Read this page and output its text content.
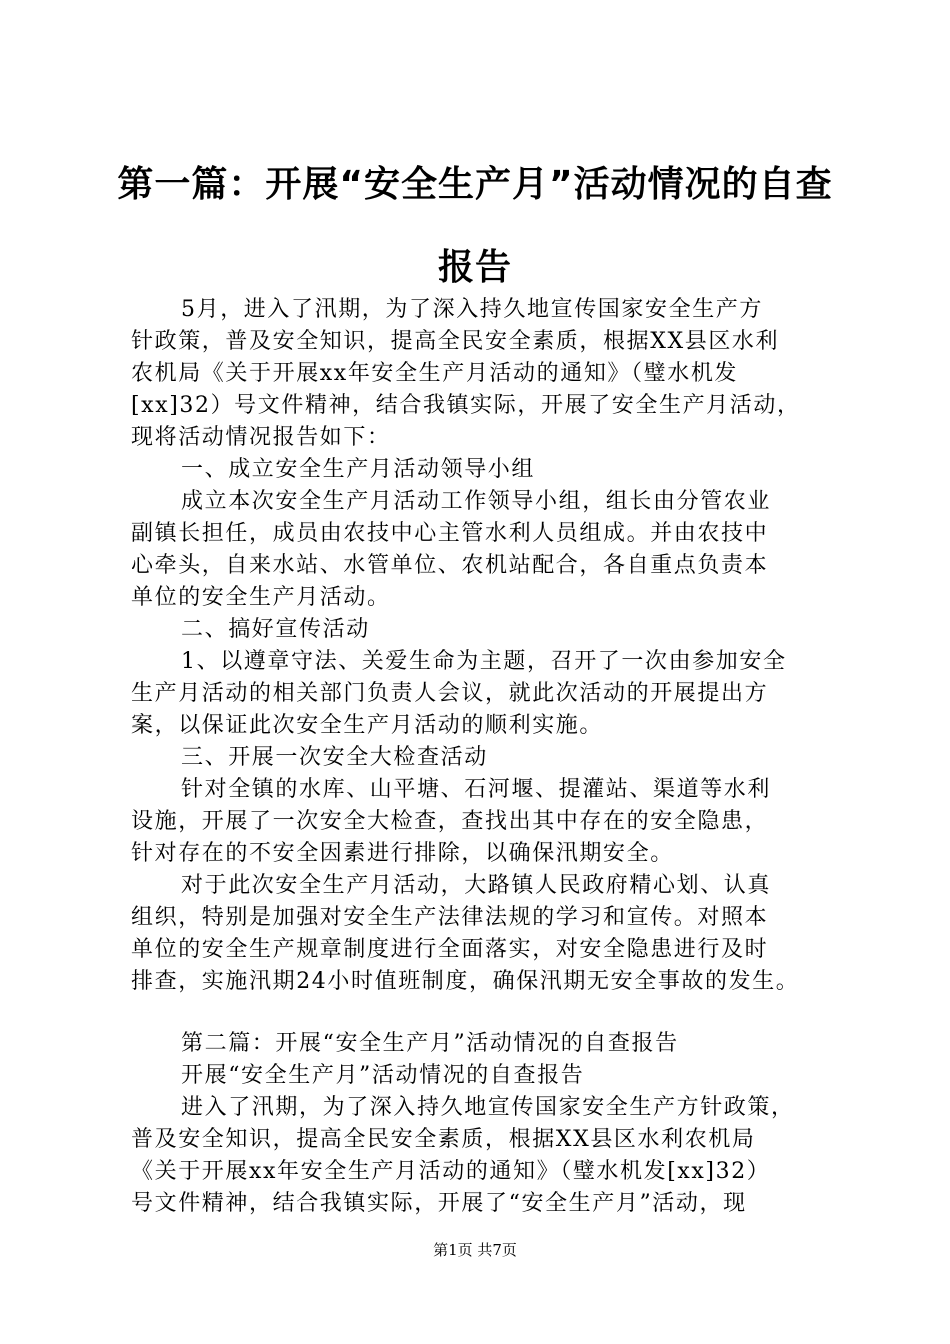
第一篇：开展“安全生产月”活动情况的自查
报告
5月，进入了汛期，为了深入持久地宣传国家安全生产方
针政策，普及安全知识，提高全民安全素质，根据XX县区水利
农机局《关于开展xx年安全生产月活动的通知》（璧水机发
[xx]32）号文件精神，结合我镇实际，开展了安全生产月活动，
现将活动情况报告如下：
一、成立安全生产月活动领导小组
成立本次安全生产月活动工作领导小组，组长由分管农业
副镇长担任，成员由农技中心主管水利人员组成。并由农技中
心牵头，自来水站、水管单位、农机站配合，各自重点负责本
单位的安全生产月活动。
二、搞好宣传活动
1、以遵章守法、关爱生命为主题，召开了一次由参加安全
生产月活动的相关部门负责人会议，就此次活动的开展提出方
案，以保证此次安全生产月活动的顺利实施。
三、开展一次安全大检查活动
针对全镇的水库、山平塘、石河堰、提灌站、渠道等水利
设施，开展了一次安全大检查，查找出其中存在的安全隐患，
针对存在的不安全因素进行排除，以确保汛期安全。
对于此次安全生产月活动，大路镇人民政府精心划、认真
组织，特别是加强对安全生产法律法规的学习和宣传。对照本
单位的安全生产规章制度进行全面落实，对安全隐患进行及时
排查，实施汛期24小时值班制度，确保汛期无安全事故的发生。
第二篇：开展“安全生产月”活动情况的自查报告
开展“安全生产月”活动情况的自查报告
进入了汛期，为了深入持久地宣传国家安全生产方针政策，
普及安全知识，提高全民安全素质，根据XX县区水利农机局
《关于开展xx年安全生产月活动的通知》（璧水机发[xx]32）
号文件精神，结合我镇实际，开展了“安全生产月”活动，现
第1页 共7页
